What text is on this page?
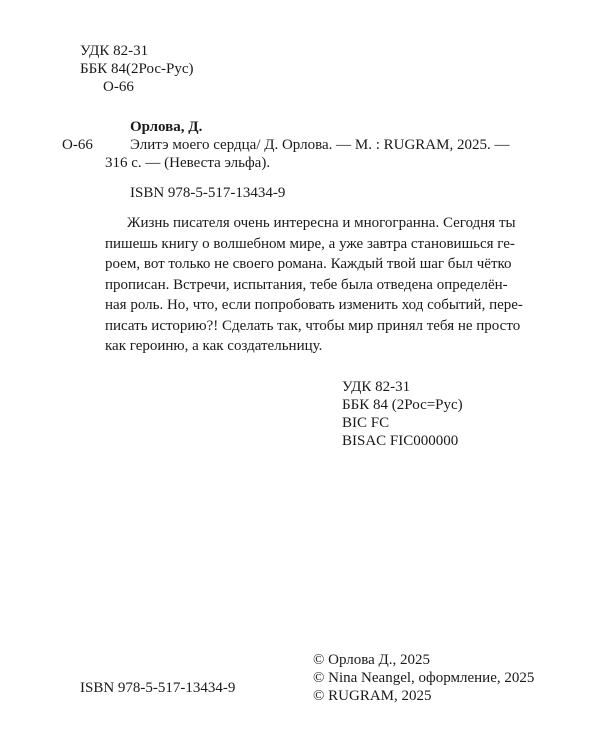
УДК 82-31
ББК 84(2Рос-Рус)
О-66
О-66
Орлова, Д.
Элитэ моего сердца/ Д. Орлова. — М. : RUGRAM, 2025. —
316 с. — (Невеста эльфа).
ISBN 978-5-517-13434-9
Жизнь писателя очень интересна и многогранна. Сегодня ты
пишешь книгу о волшебном мире, а уже завтра становишься ге-
роем, вот только не своего романа. Каждый твой шаг был чётко
прописан. Встречи, испытания, тебе была отведена определён-
ная роль. Но, что, если попробовать изменить ход событий, пере-
писать историю?! Сделать так, чтобы мир принял тебя не просто
как героиню, а как создательницу.
УДК 82-31
ББК 84 (2Рос=Рус)
BIC FC
BISAC FIC000000
© Орлова Д., 2025
© Nina Neangel, оформление, 2025
© RUGRAM, 2025
ISBN 978-5-517-13434-9
